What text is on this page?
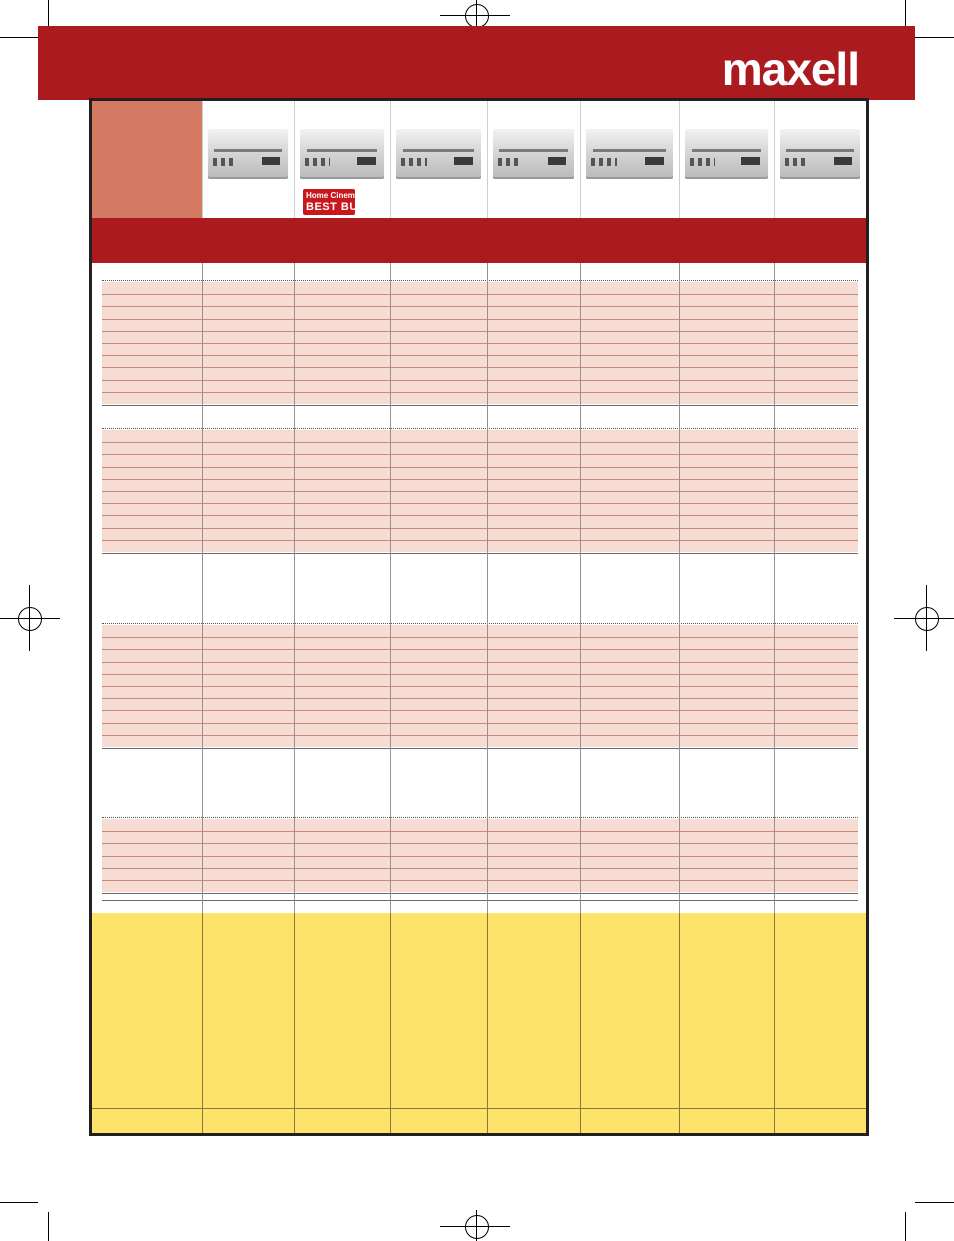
maxell
Home Cinema
BEST BUY
